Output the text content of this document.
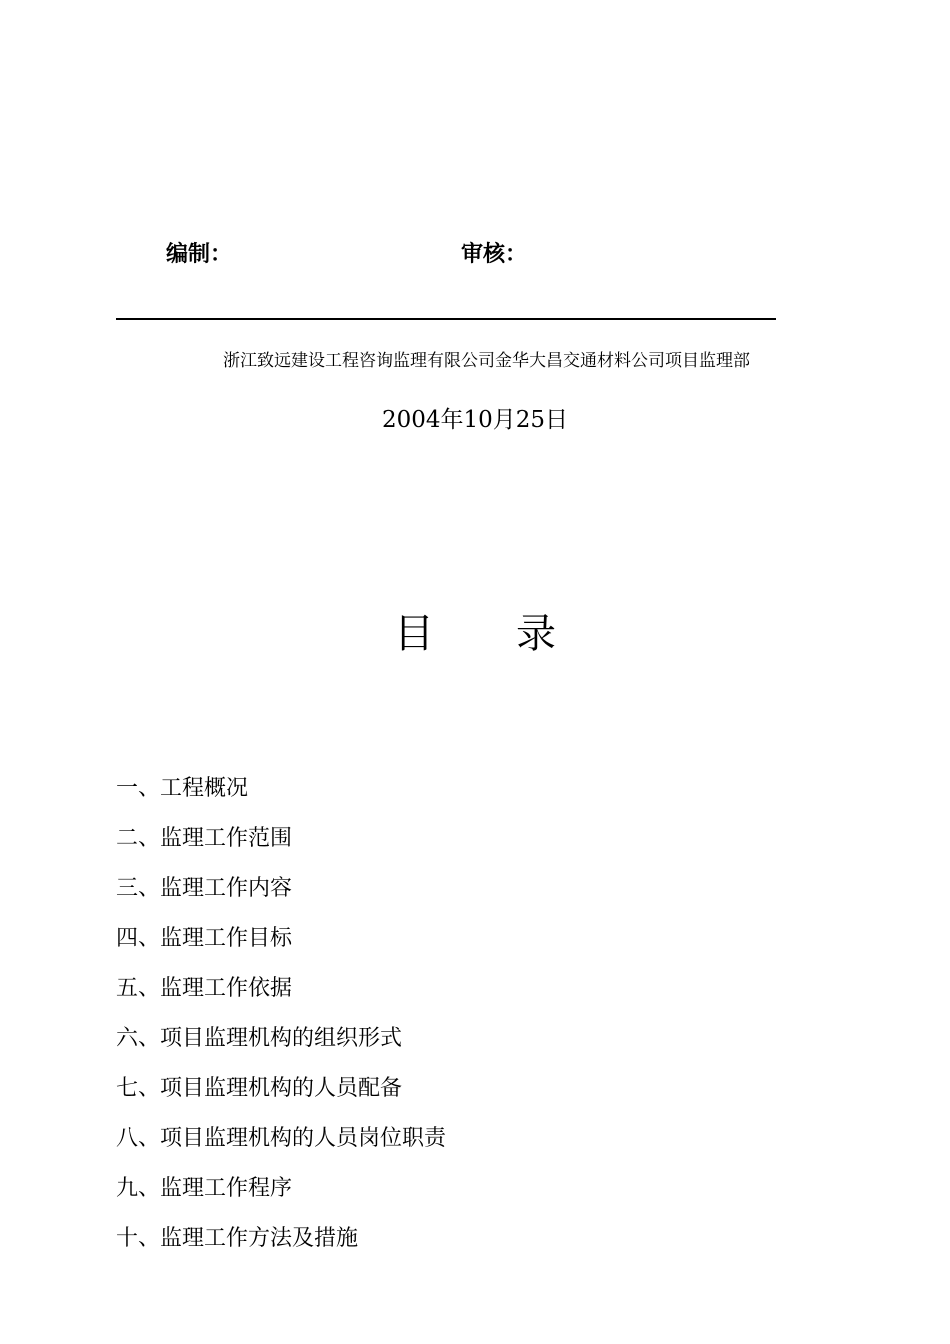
编制：	审核：
浙江致远建设工程咨询监理有限公司金华大昌交通材料公司项目监理部
2004年10月25日
目 录
一、工程概况
二、监理工作范围
三、监理工作内容
四、监理工作目标
五、监理工作依据
六、项目监理机构的组织形式
七、项目监理机构的人员配备
八、项目监理机构的人员岗位职责
九、监理工作程序
十、监理工作方法及措施
